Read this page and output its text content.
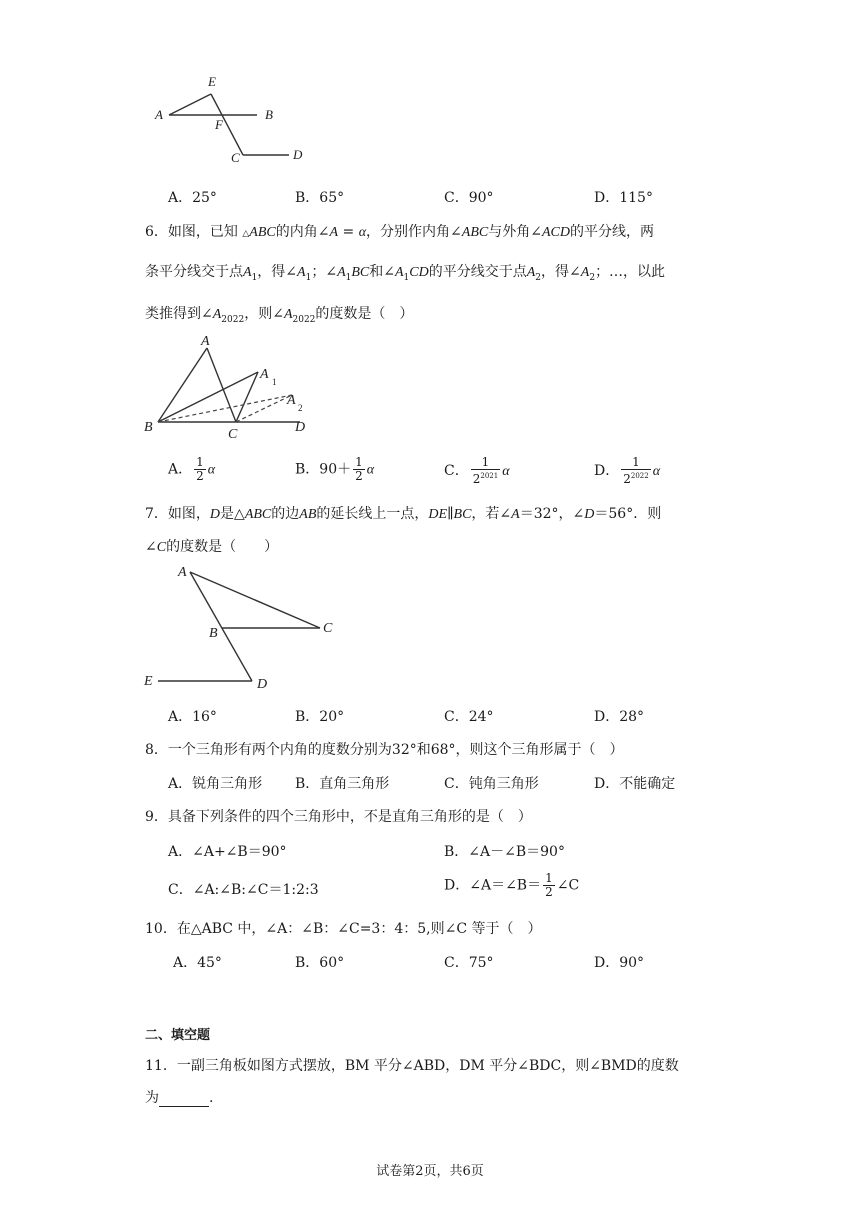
E
A
F
B
C	D
A．25°	B．65°	C．90°	D．115°
6．如图，已知 △ABC的内角∠A = α，分别作内角∠ABC与外角∠ACD的平分线，两
条平分线交于点$A_1$，得$\angle A_1$；$\angle A_1BC$和$\angle A_1CD$的平分线交于点$A_2$，得$\angle A_2$；…，以此
类推得到$\angle A_{2022}$，则$\angle A_{2022}$的度数是（　）
A
A 1
A 2
B	C	D
A． $\frac{1}{2}$ α	B．$90+ \frac{1}{2}$ α	C． $\frac{1}{2^{2021}}$ α	D． $\frac{1}{2^{2022}}$ α
7．如图，D是△ABC的边AB的延长线上一点，DE∥BC，若∠A＝32°，∠D＝56°．则
∠C的度数是（　　）
A
B	C
E	D
A．16°	B．20°	C．24°	D．28°
8．一个三角形有两个内角的度数分别为32°和68°，则这个三角形属于（　）
A．锐角三角形 B．直角三角形	C．钝角三角形	D．不能确定
9．具备下列条件的四个三角形中，不是直角三角形的是（　）
A．∠A+∠B＝90°	B．∠A－∠B＝90°
C．∠A:∠B:∠C＝1:2:3	D．∠A＝∠B＝ $\frac{1}{2}$ ∠C
10．在△ABC 中，∠A：∠B：∠C=3：4：5,则∠C 等于（　）
A．45°	B．60°	C．75°	D．90°
二、填空题
11．一副三角板如图方式摆放，BM 平分∠ABD，DM 平分∠BDC，则∠BMD的度数
为	.
试卷第2页，共6页
